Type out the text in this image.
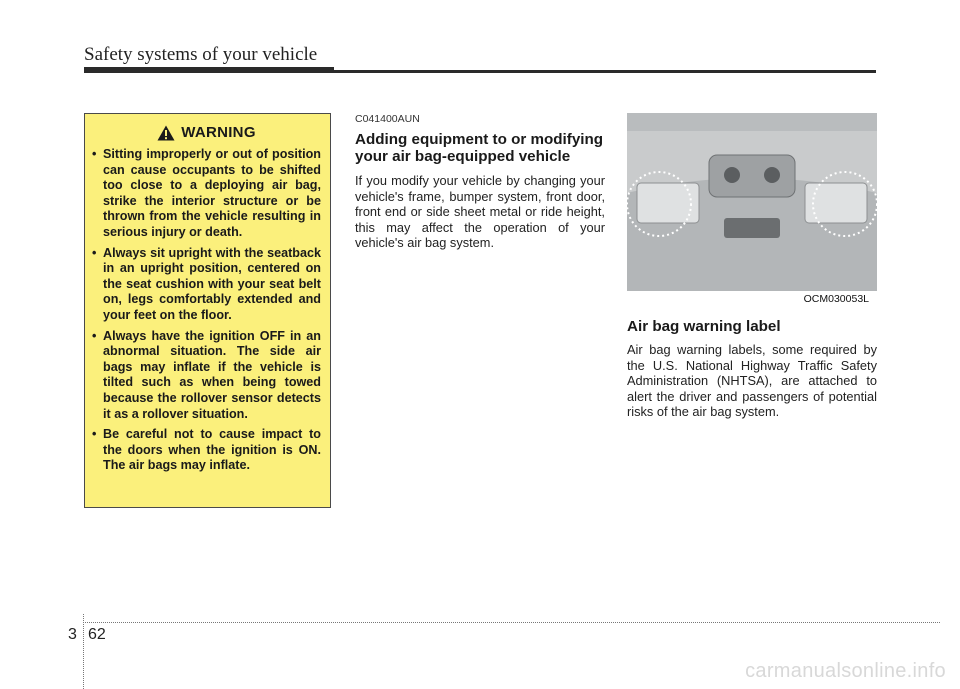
Safety systems of your vehicle
WARNING
• Sitting improperly or out of position can cause occupants to be shifted too close to a deploying air bag, strike the interior structure or be thrown from the vehicle resulting in serious injury or death.
• Always sit upright with the seatback in an upright position, centered on the seat cushion with your seat belt on, legs comfortably extended and your feet on the floor.
• Always have the ignition OFF in an abnormal situation. The side air bags may inflate if the vehicle is tilted such as when being towed because the rollover sensor detects it as a rollover situation.
• Be careful not to cause impact to the doors when the ignition is ON. The air bags may inflate.
C041400AUN
Adding equipment to or modifying your air bag-equipped vehicle

If you modify your vehicle by changing your vehicle's frame, bumper system, front door, front end or side sheet metal or ride height, this may affect the operation of your vehicle's air bag system.

OCM030053L
Air bag warning label

Air bag warning labels, some required by the U.S. National Highway Traffic Safety Administration (NHTSA), are attached to alert the driver and passengers of potential risks of the air bag system.

3 62
carmanualsonline.info
